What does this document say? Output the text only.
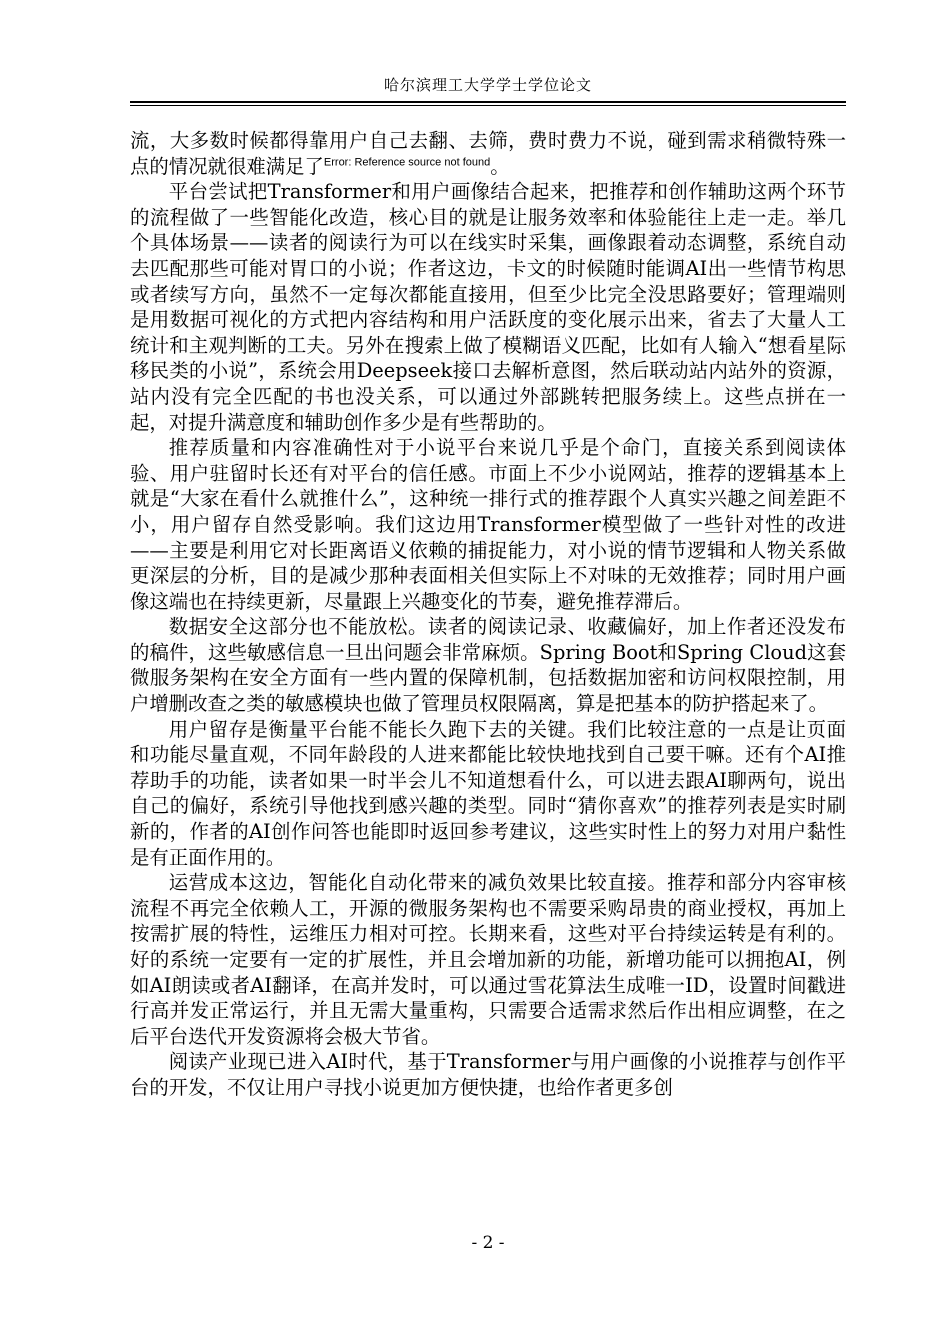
哈尔滨理工大学学士学位论文

流，大多数时候都得靠用户自己去翻、去筛，费时费力不说，碰到需求稍微特殊一点的情况就很难满足了$^{Error: Reference source not found}$。

平台尝试把Transformer和用户画像结合起来，把推荐和创作辅助这两个环节的流程做了一些智能化改造，核心目的就是让服务效率和体验能往上走一走。举几个具体场景——读者的阅读行为可以在线实时采集，画像跟着动态调整，系统自动去匹配那些可能对胃口的小说；作者这边，卡文的时候随时能调AI出一些情节构思或者续写方向，虽然不一定每次都能直接用，但至少比完全没思路要好；管理端则是用数据可视化的方式把内容结构和用户活跃度的变化展示出来，省去了大量人工统计和主观判断的工夫。另外在搜索上做了模糊语义匹配，比如有人输入“想看星际移民类的小说”，系统会用Deepseek接口去解析意图，然后联动站内站外的资源，站内没有完全匹配的书也没关系，可以通过外部跳转把服务续上。这些点拼在一起，对提升满意度和辅助创作多少是有些帮助的。

推荐质量和内容准确性对于小说平台来说几乎是个命门，直接关系到阅读体验、用户驻留时长还有对平台的信任感。市面上不少小说网站，推荐的逻辑基本上就是“大家在看什么就推什么”，这种统一排行式的推荐跟个人真实兴趣之间差距不小，用户留存自然受影响。我们这边用Transformer模型做了一些针对性的改进——主要是利用它对长距离语义依赖的捕捉能力，对小说的情节逻辑和人物关系做更深层的分析，目的是减少那种表面相关但实际上不对味的无效推荐；同时用户画像这端也在持续更新，尽量跟上兴趣变化的节奏，避免推荐滞后。

数据安全这部分也不能放松。读者的阅读记录、收藏偏好，加上作者还没发布的稿件，这些敏感信息一旦出问题会非常麻烦。Spring Boot和Spring Cloud这套微服务架构在安全方面有一些内置的保障机制，包括数据加密和访问权限控制，用户增删改查之类的敏感模块也做了管理员权限隔离，算是把基本的防护搭起来了。

用户留存是衡量平台能不能长久跑下去的关键。我们比较注意的一点是让页面和功能尽量直观，不同年龄段的人进来都能比较快地找到自己要干嘛。还有个AI推荐助手的功能，读者如果一时半会儿不知道想看什么，可以进去跟AI聊两句，说出自己的偏好，系统引导他找到感兴趣的类型。同时“猜你喜欢”的推荐列表是实时刷新的，作者的AI创作问答也能即时返回参考建议，这些实时性上的努力对用户黏性是有正面作用的。

运营成本这边，智能化自动化带来的减负效果比较直接。推荐和部分内容审核流程不再完全依赖人工，开源的微服务架构也不需要采购昂贵的商业授权，再加上按需扩展的特性，运维压力相对可控。长期来看，这些对平台持续运转是有利的。好的系统一定要有一定的扩展性，并且会增加新的功能，新增功能可以拥抱AI，例如AI朗读或者AI翻译，在高并发时，可以通过雪花算法生成唯一ID，设置时间戳进行高并发正常运行，并且无需大量重构，只需要合适需求然后作出相应调整，在之后平台迭代开发资源将会极大节省。

阅读产业现已进入AI时代，基于Transformer与用户画像的小说推荐与创作平台的开发，不仅让用户寻找小说更加方便快捷，也给作者更多创

- 2 -
